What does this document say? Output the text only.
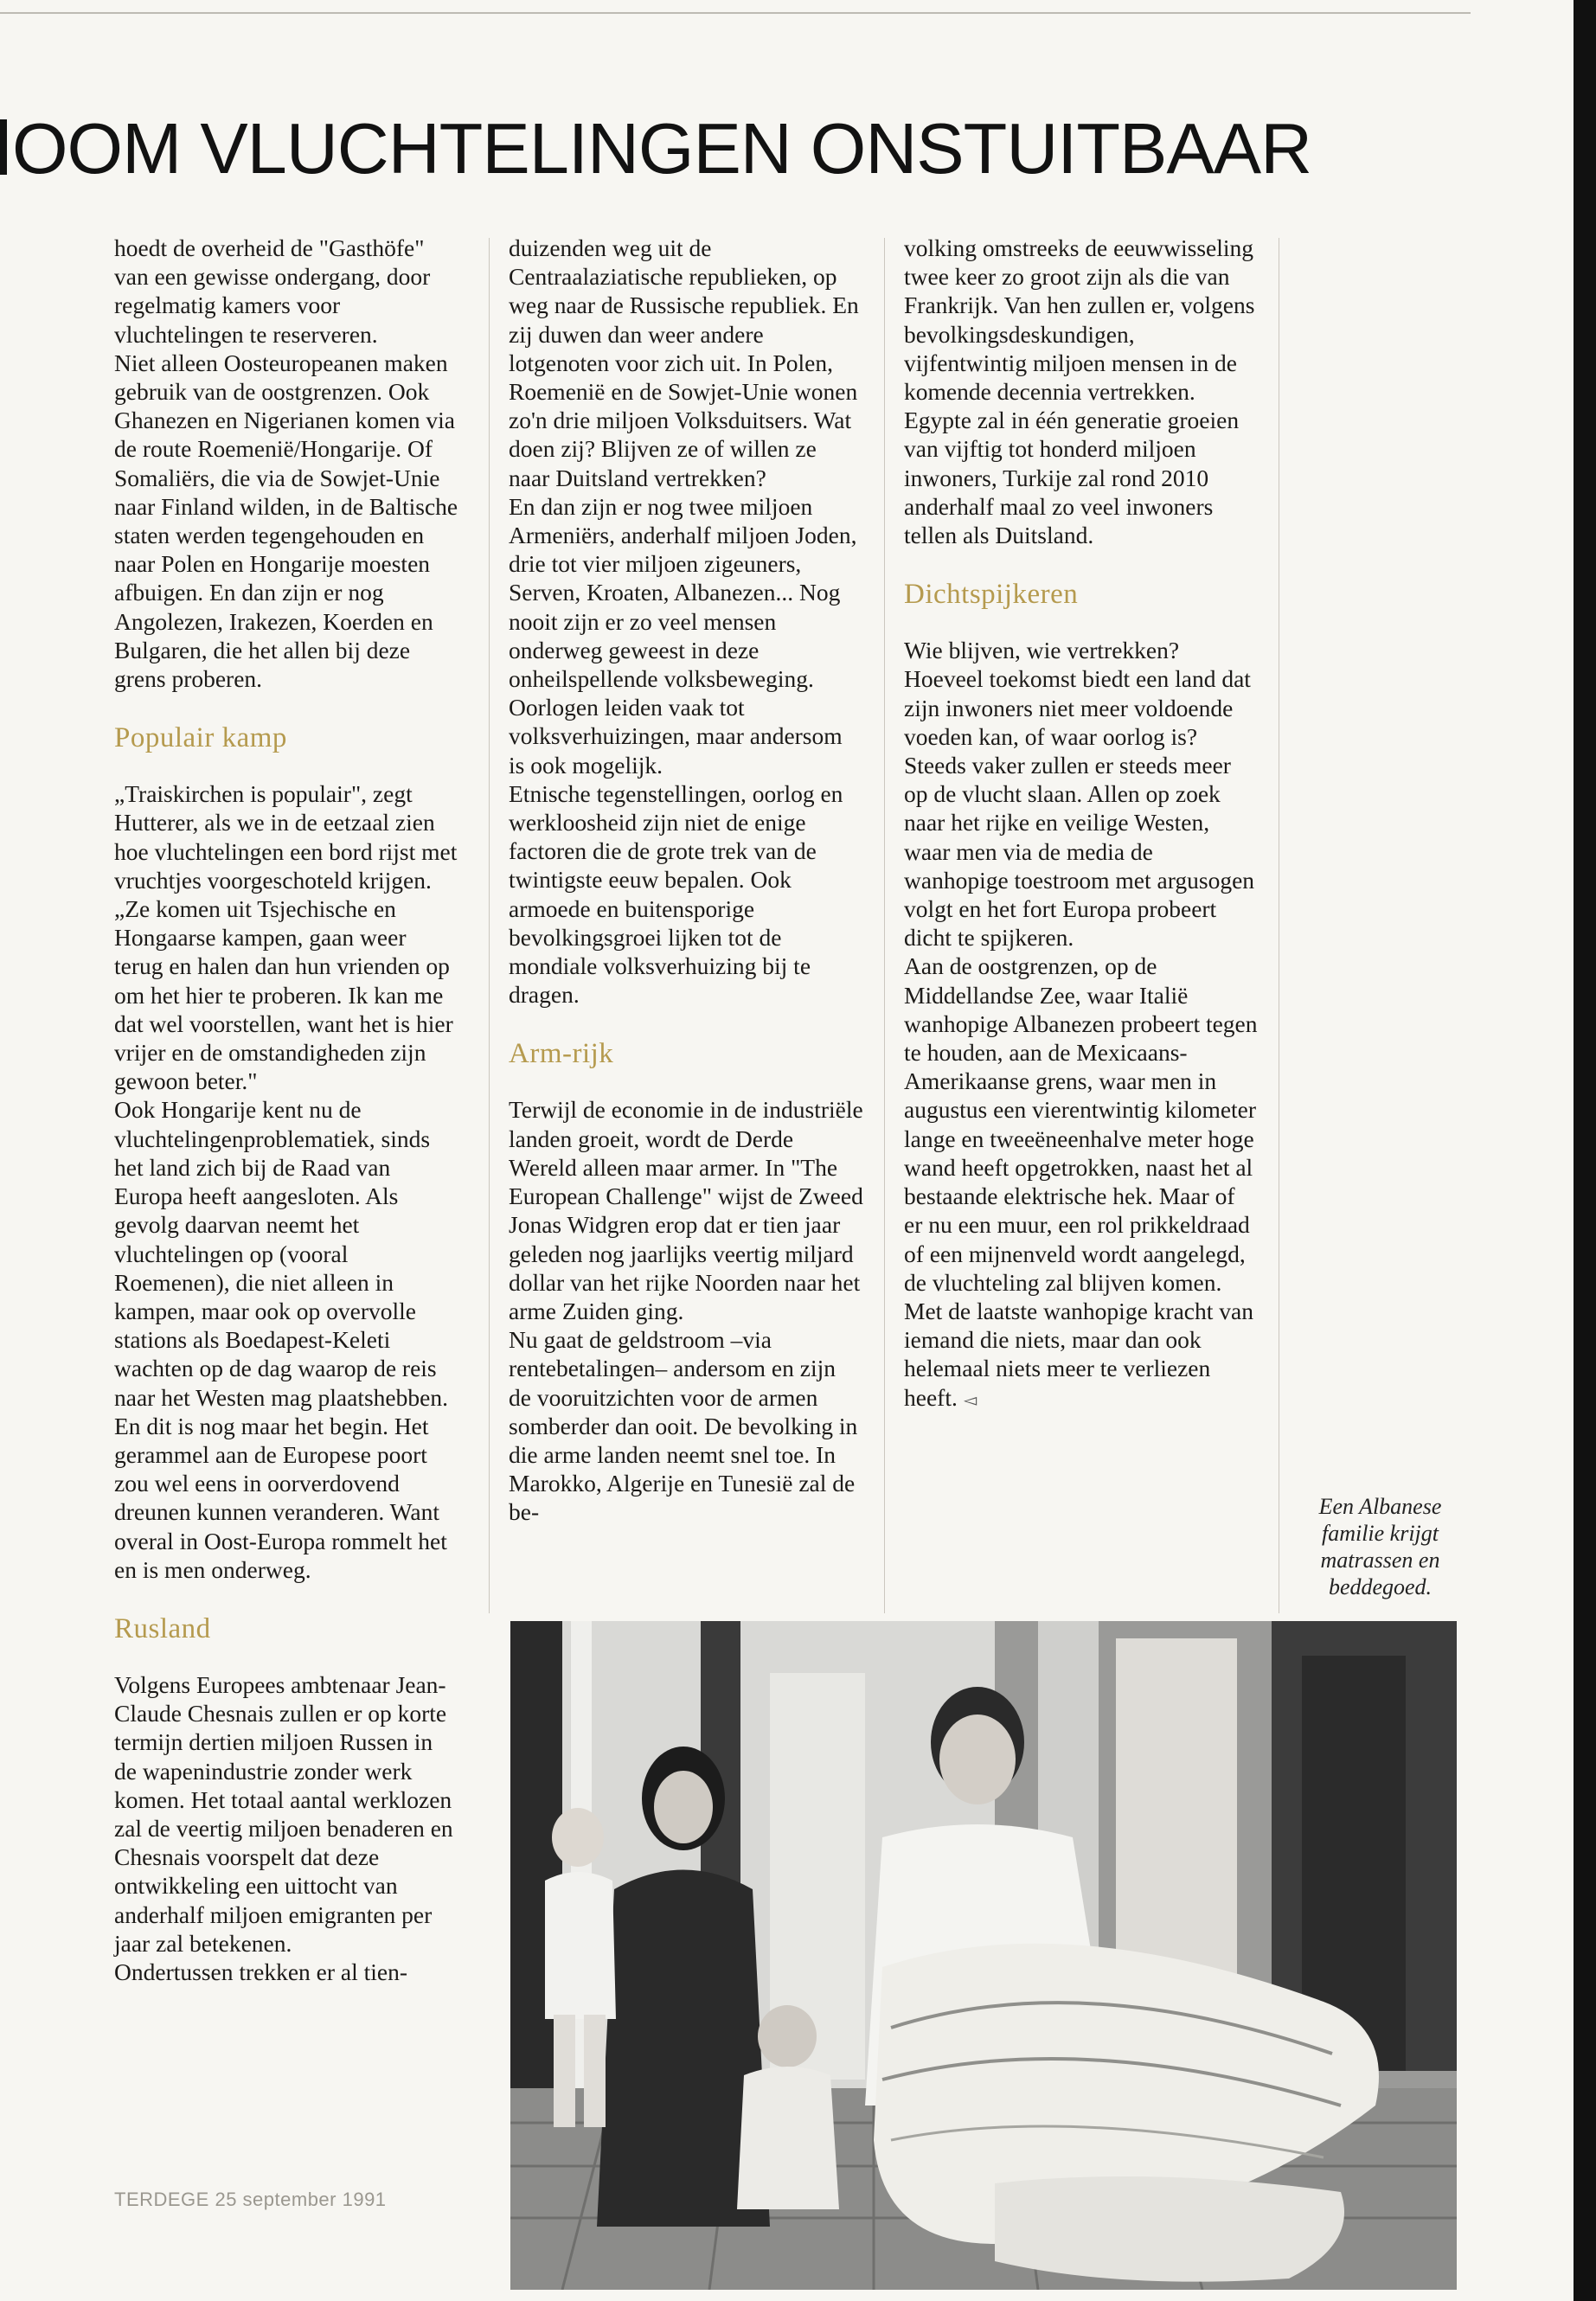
OOM VLUCHTELINGEN ONSTUITBAAR

hoedt de overheid de "Gasthöfe" van een gewisse ondergang, door regelmatig kamers voor vluchtelingen te reserveren.

Niet alleen Oosteuropeanen maken gebruik van de oostgrenzen. Ook Ghanezen en Nigerianen komen via de route Roemenië/Hongarije. Of Somaliërs, die via de Sowjet-Unie naar Finland wilden, in de Baltische staten werden tegengehouden en naar Polen en Hongarije moesten afbuigen. En dan zijn er nog Angolezen, Irakezen, Koerden en Bulgaren, die het allen bij deze grens proberen.

Populair kamp

„Traiskirchen is populair", zegt Hutterer, als we in de eetzaal zien hoe vluchtelingen een bord rijst met vruchtjes voorgeschoteld krijgen. „Ze komen uit Tsjechische en Hongaarse kampen, gaan weer terug en halen dan hun vrienden op om het hier te proberen. Ik kan me dat wel voorstellen, want het is hier vrijer en de omstandigheden zijn gewoon beter."

Ook Hongarije kent nu de vluchtelingenproblematiek, sinds het land zich bij de Raad van Europa heeft aangesloten. Als gevolg daarvan neemt het vluchtelingen op (vooral Roemenen), die niet alleen in kampen, maar ook op overvolle stations als Boedapest-Keleti wachten op de dag waarop de reis naar het Westen mag plaatshebben.

En dit is nog maar het begin. Het gerammel aan de Europese poort zou wel eens in oorverdovend dreunen kunnen veranderen. Want overal in Oost-Europa rommelt het en is men onderweg.

Rusland

Volgens Europees ambtenaar Jean-Claude Chesnais zullen er op korte termijn dertien miljoen Russen in de wapenindustrie zonder werk komen. Het totaal aantal werklozen zal de veertig miljoen benaderen en Chesnais voorspelt dat deze ontwikkeling een uittocht van anderhalf miljoen emigranten per jaar zal betekenen.

Ondertussen trekken er al tien-

duizenden weg uit de Centraalaziatische republieken, op weg naar de Russische republiek. En zij duwen dan weer andere lotgenoten voor zich uit. In Polen, Roemenië en de Sowjet-Unie wonen zo'n drie miljoen Volksduitsers. Wat doen zij? Blijven ze of willen ze naar Duitsland vertrekken?

En dan zijn er nog twee miljoen Armeniërs, anderhalf miljoen Joden, drie tot vier miljoen zigeuners, Serven, Kroaten, Albanezen... Nog nooit zijn er zo veel mensen onderweg geweest in deze onheilspellende volksbeweging. Oorlogen leiden vaak tot volksverhuizingen, maar andersom is ook mogelijk.

Etnische tegenstellingen, oorlog en werkloosheid zijn niet de enige factoren die de grote trek van de twintigste eeuw bepalen. Ook armoede en buitensporige bevolkingsgroei lijken tot de mondiale volksverhuizing bij te dragen.

Arm-rijk

Terwijl de economie in de industriële landen groeit, wordt de Derde Wereld alleen maar armer. In "The European Challenge" wijst de Zweed Jonas Widgren erop dat er tien jaar geleden nog jaarlijks veertig miljard dollar van het rijke Noorden naar het arme Zuiden ging.

Nu gaat de geldstroom –via rentebetalingen– andersom en zijn de vooruitzichten voor de armen somberder dan ooit. De bevolking in die arme landen neemt snel toe. In Marokko, Algerije en Tunesië zal de be-

volking omstreeks de eeuwwisseling twee keer zo groot zijn als die van Frankrijk. Van hen zullen er, volgens bevolkingsdeskundigen, vijfentwintig miljoen mensen in de komende decennia vertrekken.

Egypte zal in één generatie groeien van vijftig tot honderd miljoen inwoners, Turkije zal rond 2010 anderhalf maal zo veel inwoners tellen als Duitsland.

Dichtspijkeren

Wie blijven, wie vertrekken? Hoeveel toekomst biedt een land dat zijn inwoners niet meer voldoende voeden kan, of waar oorlog is? Steeds vaker zullen er steeds meer op de vlucht slaan. Allen op zoek naar het rijke en veilige Westen, waar men via de media de wanhopige toestroom met argusogen volgt en het fort Europa probeert dicht te spijkeren.

Aan de oostgrenzen, op de Middellandse Zee, waar Italië wanhopige Albanezen probeert tegen te houden, aan de Mexicaans-Amerikaanse grens, waar men in augustus een vierentwintig kilometer lange en tweeëneenhalve meter hoge wand heeft opgetrokken, naast het al bestaande elektrische hek. Maar of er nu een muur, een rol prikkeldraad of een mijnenveld wordt aangelegd, de vluchteling zal blijven komen. Met de laatste wanhopige kracht van iemand die niets, maar dan ook helemaal niets meer te verliezen heeft. ◅

Een Albanese familie krijgt matrassen en beddegoed.
TERDEGE 25 september 1991
